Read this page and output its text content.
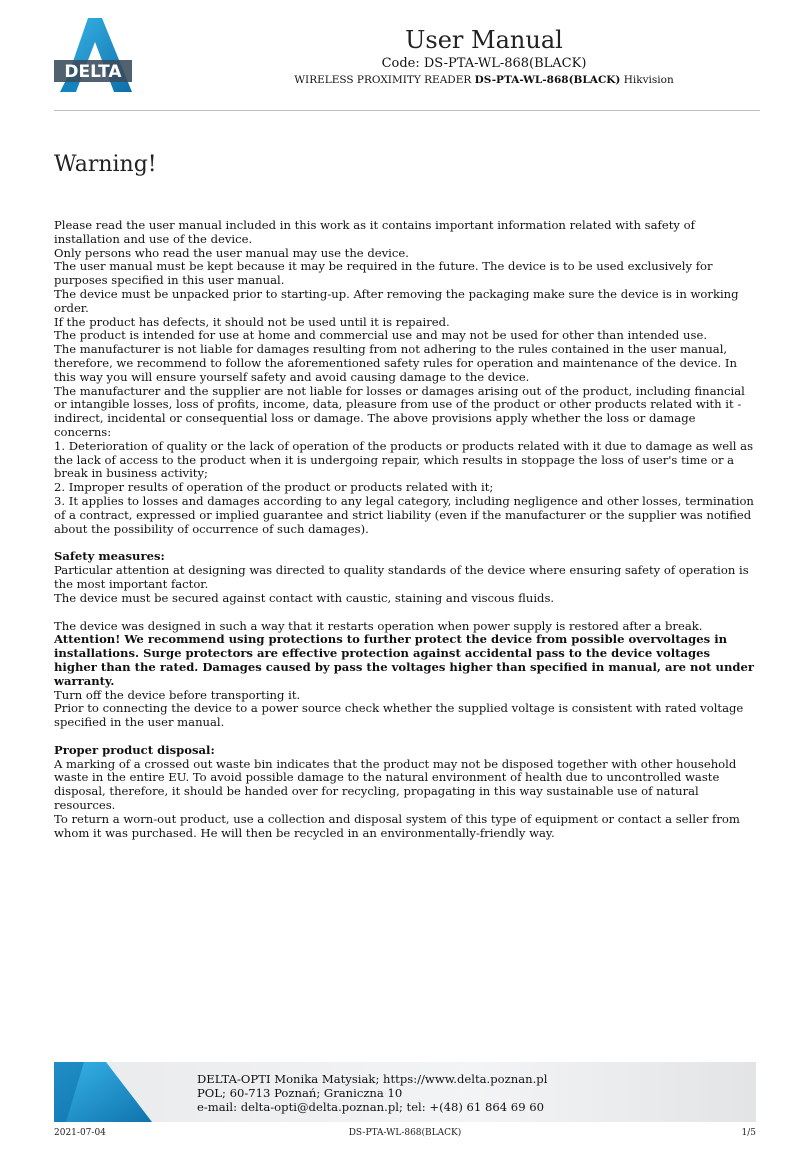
DELTA
User Manual
Code: DS-PTA-WL-868(BLACK)
WIRELESS PROXIMITY READER DS-PTA-WL-868(BLACK) Hikvision
Warning!

Please read the user manual included in this work as it contains important information related with safety of installation and use of the device.

Only persons who read the user manual may use the device.

The user manual must be kept because it may be required in the future. The device is to be used exclusively for purposes specified in this user manual.

The device must be unpacked prior to starting-up. After removing the packaging make sure the device is in working order.

If the product has defects, it should not be used until it is repaired.

The product is intended for use at home and commercial use and may not be used for other than intended use.

The manufacturer is not liable for damages resulting from not adhering to the rules contained in the user manual, therefore, we recommend to follow the aforementioned safety rules for operation and maintenance of the device. In this way you will ensure yourself safety and avoid causing damage to the device.

The manufacturer and the supplier are not liable for losses or damages arising out of the product, including financial or intangible losses, loss of profits, income, data, pleasure from use of the product or other products related with it - indirect, incidental or consequential loss or damage. The above provisions apply whether the loss or damage concerns:

1. Deterioration of quality or the lack of operation of the products or products related with it due to damage as well as the lack of access to the product when it is undergoing repair, which results in stoppage the loss of user's time or a break in business activity;

2. Improper results of operation of the product or products related with it;

3. It applies to losses and damages according to any legal category, including negligence and other losses, termination of a contract, expressed or implied guarantee and strict liability (even if the manufacturer or the supplier was notified about the possibility of occurrence of such damages).

Safety measures:

Particular attention at designing was directed to quality standards of the device where ensuring safety of operation is the most important factor.

The device must be secured against contact with caustic, staining and viscous fluids.

The device was designed in such a way that it restarts operation when power supply is restored after a break.

Attention! We recommend using protections to further protect the device from possible overvoltages in installations. Surge protectors are effective protection against accidental pass to the device voltages higher than the rated. Damages caused by pass the voltages higher than specified in manual, are not under warranty.

Turn off the device before transporting it.

Prior to connecting the device to a power source check whether the supplied voltage is consistent with rated voltage specified in the user manual.

Proper product disposal:

A marking of a crossed out waste bin indicates that the product may not be disposed together with other household waste in the entire EU. To avoid possible damage to the natural environment of health due to uncontrolled waste disposal, therefore, it should be handed over for recycling, propagating in this way sustainable use of natural resources.

To return a worn-out product, use a collection and disposal system of this type of equipment or contact a seller from whom it was purchased. He will then be recycled in an environmentally-friendly way.

DELTA-OPTI Monika Matysiak; https://www.delta.poznan.pl
POL; 60-713 Poznań; Graniczna 10
e-mail: delta-opti@delta.poznan.pl; tel: +(48) 61 864 69 60
2021-07-04	DS-PTA-WL-868(BLACK)	1/5
